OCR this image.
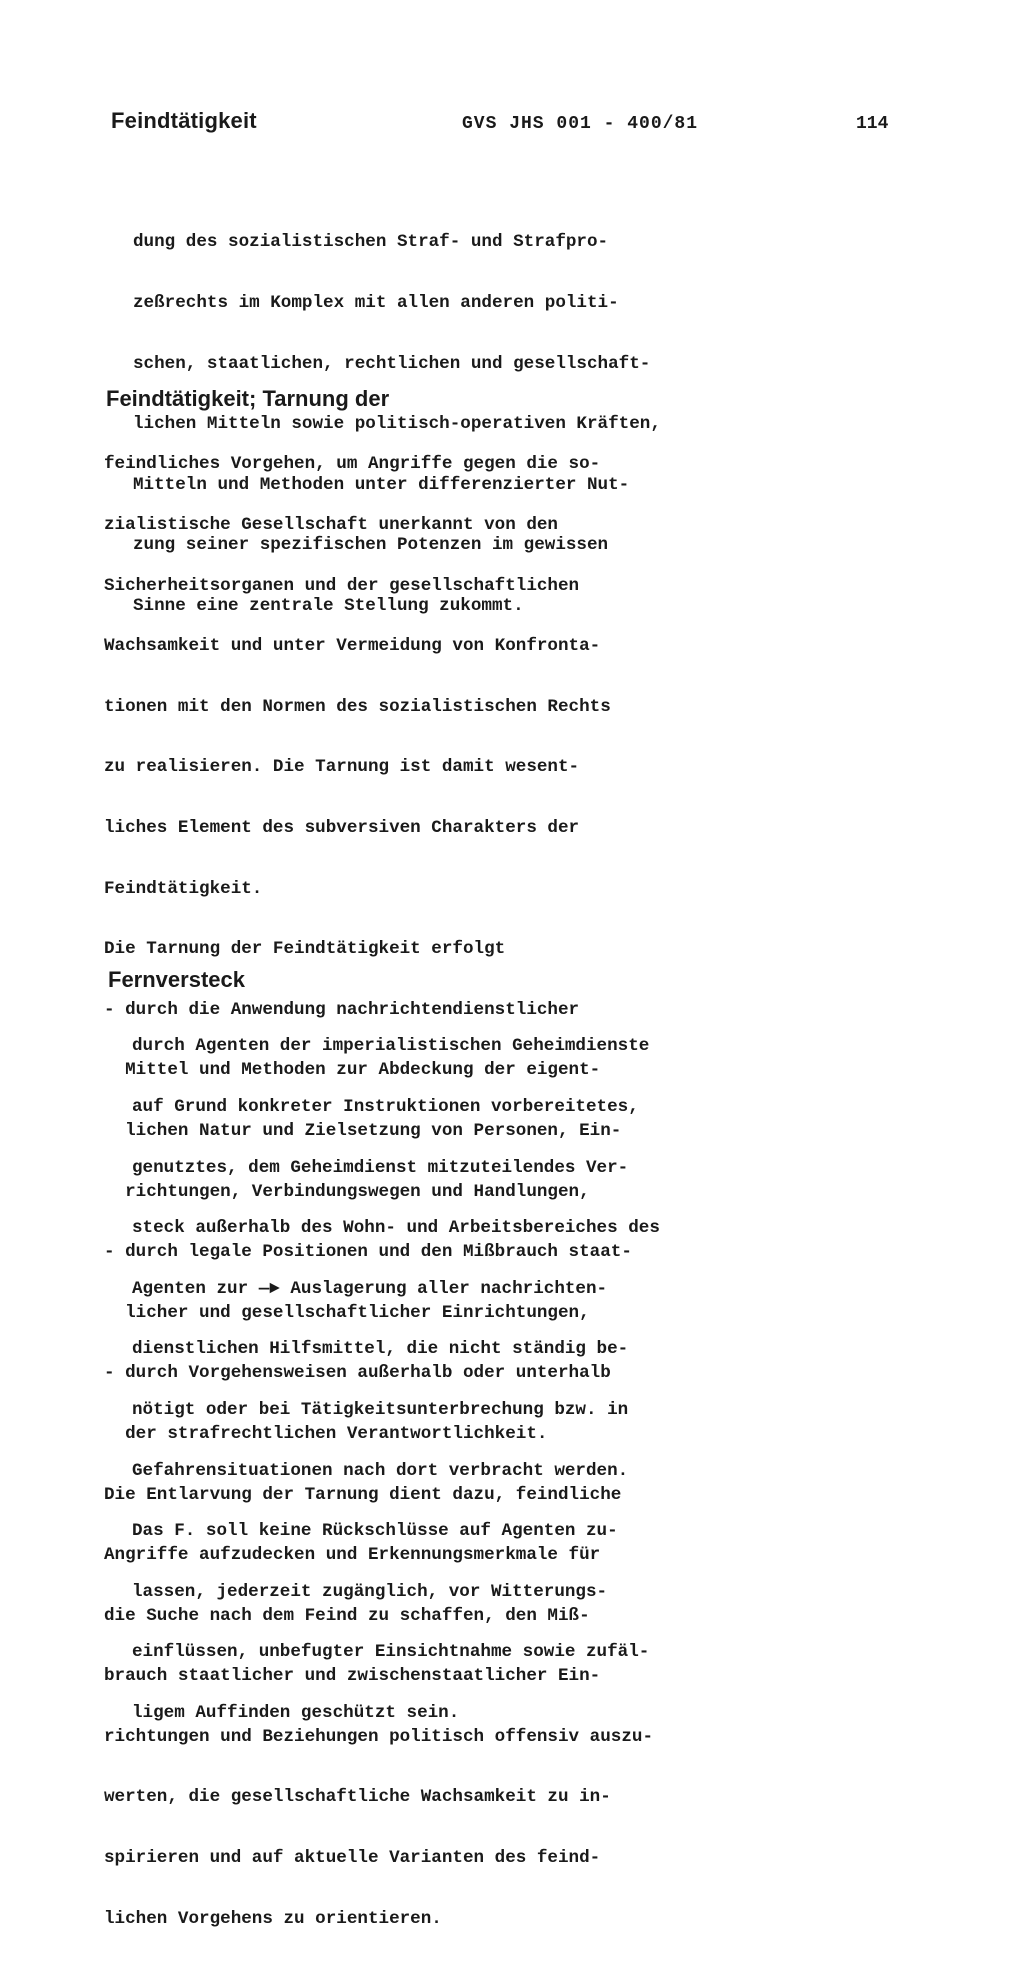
Feindtätigkeit	GVS JHS 001 - 400/81	114

dung des sozialistischen Straf- und Strafpro-

zeßrechts im Komplex mit allen anderen politi-

schen, staatlichen, rechtlichen und gesellschaft-

lichen Mitteln sowie politisch-operativen Kräften,

Mitteln und Methoden unter differenzierter Nut-

zung seiner spezifischen Potenzen im gewissen

Sinne eine zentrale Stellung zukommt.

Feindtätigkeit; Tarnung der

feindliches Vorgehen, um Angriffe gegen die so-

zialistische Gesellschaft unerkannt von den

Sicherheitsorganen und der gesellschaftlichen

Wachsamkeit und unter Vermeidung von Konfronta-

tionen mit den Normen des sozialistischen Rechts

zu realisieren. Die Tarnung ist damit wesent-

liches Element des subversiven Charakters der

Feindtätigkeit.

Die Tarnung der Feindtätigkeit erfolgt

- durch die Anwendung nachrichtendienstlicher

Mittel und Methoden zur Abdeckung der eigent-

lichen Natur und Zielsetzung von Personen, Ein-

richtungen, Verbindungswegen und Handlungen,

- durch legale Positionen und den Mißbrauch staat-

licher und gesellschaftlicher Einrichtungen,

- durch Vorgehensweisen außerhalb oder unterhalb

der strafrechtlichen Verantwortlichkeit.

Die Entlarvung der Tarnung dient dazu, feindliche

Angriffe aufzudecken und Erkennungsmerkmale für

die Suche nach dem Feind zu schaffen, den Miß-

brauch staatlicher und zwischenstaatlicher Ein-

richtungen und Beziehungen politisch offensiv auszu-

werten, die gesellschaftliche Wachsamkeit zu in-

spirieren und auf aktuelle Varianten des feind-

lichen Vorgehens zu orientieren.

Fernversteck

durch Agenten der imperialistischen Geheimdienste

auf Grund konkreter Instruktionen vorbereitetes,

genutztes, dem Geheimdienst mitzuteilendes Ver-

steck außerhalb des Wohn- und Arbeitsbereiches des

Agenten zur —► Auslagerung aller nachrichten-

dienstlichen Hilfsmittel, die nicht ständig be-

nötigt oder bei Tätigkeitsunterbrechung bzw. in

Gefahrensituationen nach dort verbracht werden.

Das F. soll keine Rückschlüsse auf Agenten zu-

lassen, jederzeit zugänglich, vor Witterungs-

einflüssen, unbefugter Einsichtnahme sowie zufäl-

ligem Auffinden geschützt sein.
